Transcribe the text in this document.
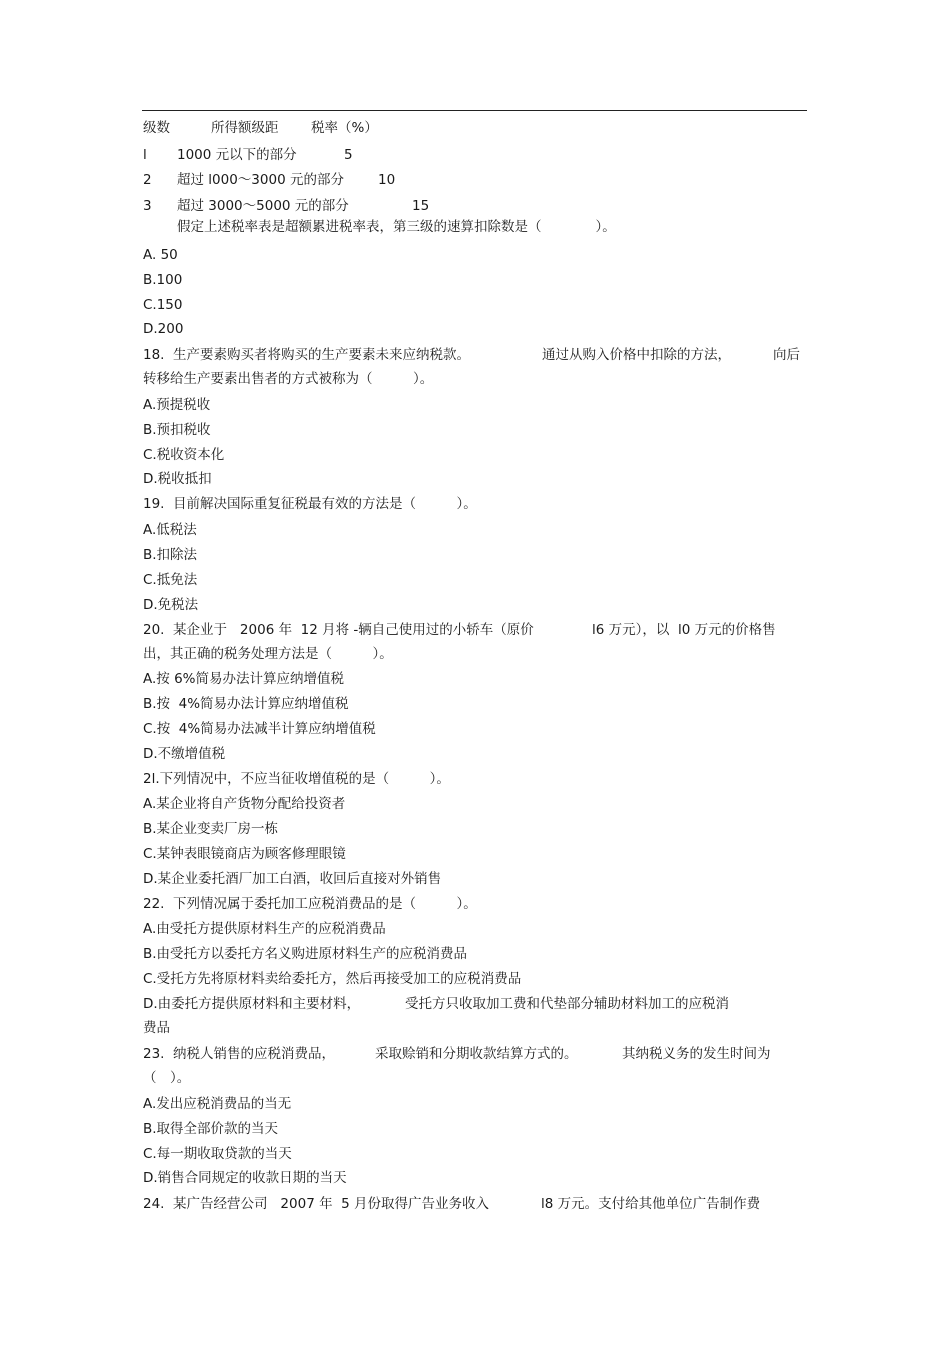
级数	所得额级距 税率（%）
l 1000 元以下的部分	5
2 超过 l000～3000 元的部分	10
3 超过 3000～5000 元的部分	15
假定上述税率表是超额累进税率表，第三级的速算扣除数是（　　　　）。
A. 50
B.100
C.150
D.200
18.  生产要素购买者将购买的生产要素未来应纳税款。	通过从购入价格中扣除的方法，	向后
转移给生产要素出售者的方式被称为（　　　）。
A.预提税收
B.预扣税收
C.税收资本化
D.税收抵扣
19.  目前解决国际重复征税最有效的方法是（　　　）。
A.低税法
B.扣除法
C.抵免法
D.免税法
20.  某企业于   2006 年  12 月将 -辆自己使用过的小轿车（原价	l6 万元），以  l0 万元的价格售
出，其正确的税务处理方法是（　　　）。
A.按 6%简易办法计算应纳增值税
B.按  4%简易办法计算应纳增值税
C.按  4%简易办法减半计算应纳增值税
D.不缴增值税
2l.下列情况中，不应当征收增值税的是（　　　）。
A.某企业将自产货物分配给投资者
B.某企业变卖厂房一栋
C.某钟表眼镜商店为顾客修理眼镜
D.某企业委托酒厂加工白酒，收回后直接对外销售
22.  下列情况属于委托加工应税消费品的是（　　　）。
A.由受托方提供原材料生产的应税消费品
B.由受托方以委托方名义购进原材料生产的应税消费品
C.受托方先将原材料卖给委托方，然后再接受加工的应税消费品
D.由委托方提供原材料和主要材料，	受托方只收取加工费和代垫部分辅助材料加工的应税消
费品
23.  纳税人销售的应税消费品，	采取赊销和分期收款结算方式的。	其纳税义务的发生时间为
（　）。
A.发出应税消费品的当无
B.取得全部价款的当天
C.每一期收取贷款的当天
D.销售合同规定的收款日期的当天
24.  某广告经营公司   2007 年  5 月份取得广告业务收入	l8 万元。支付给其他单位广告制作费
